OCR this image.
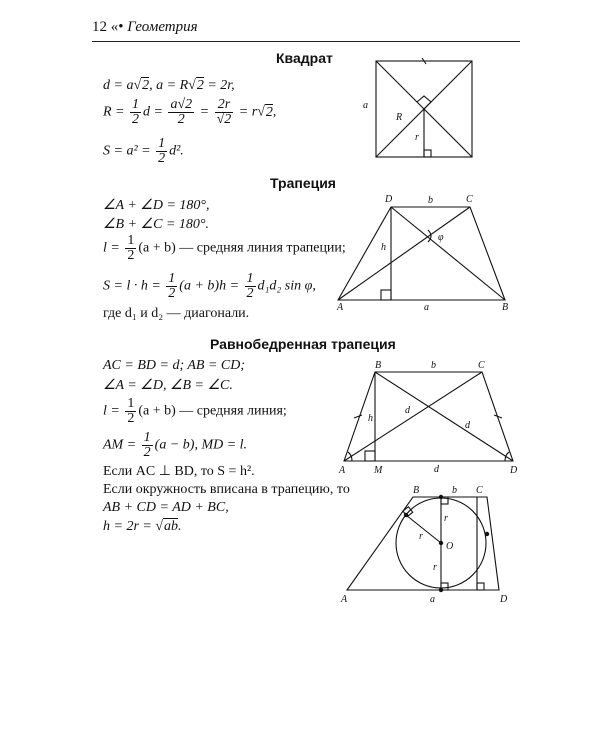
12 «• Геометрия
Квадрат
d = a√2, a = R√2 = 2r,
$R = \frac{1}{2}$ $d = \frac{a√2}{2} = \frac{2r}{√2} = r√2$,
$S = a^2 = \frac{1}{2} d^2$.
Трапеция
∠A + ∠D = 180°,
∠B + ∠C = 180°.
$l = \frac{1}{2} (a + b)$ — средняя линия трапеции;
$S = l \cdot h = \frac{1}{2} (a + b)h = \frac{1}{2} d_1d_2$ sin φ,
где d₁ и d₂ — диагонали.
Равнобедренная трапеция
AC = BD = d; AB = CD;
∠A = ∠D, ∠B = ∠C.
$l = \frac{1}{2} (a + b)$ — средняя линия;
AM = $\frac{1}{2} (a - b)$, MD = l.
Если AC ⊥ BD, то S = h².
Если окружность вписана в трапецию, то
AB + CD = AD + BC,
h = 2r = √ab.
a
R
r
D	b	C
h
φ
A	a	B
B	b	C
h
d
d
A	M	d	D
B	b C
r
r
O
r
A	a	D
